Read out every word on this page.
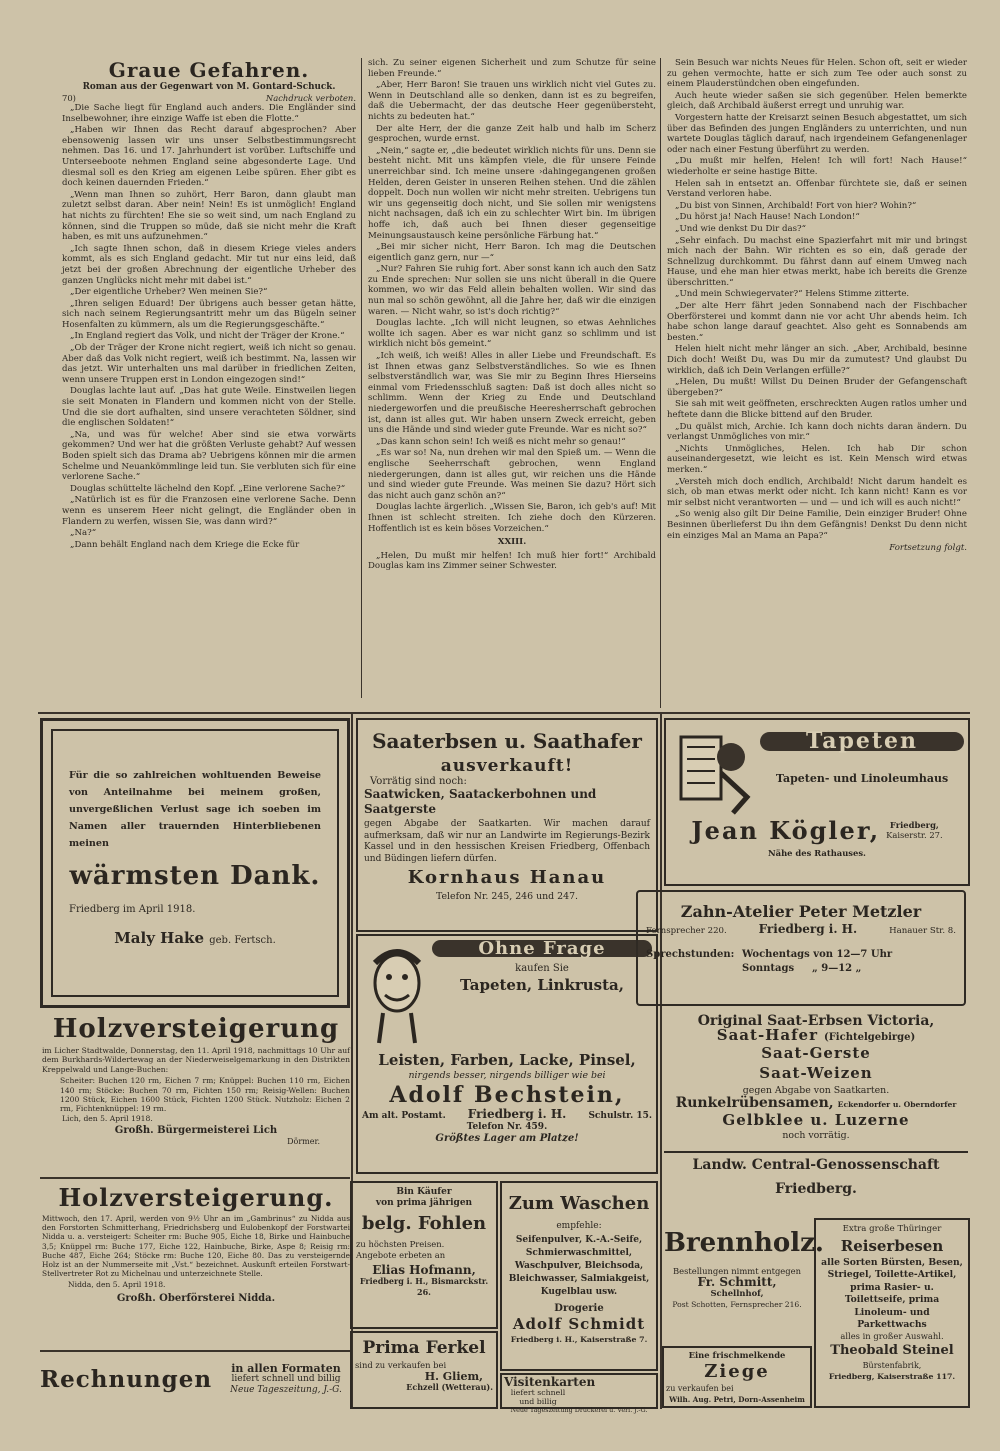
Graue Gefahren.
Roman aus der Gegenwart von M. Gontard-Schuck.
70)	Nachdruck verboten.

„Die Sache liegt für England auch anders. Die Engländer sind Inselbewohner, ihre einzige Waffe ist eben die Flotte.“

„Haben wir Ihnen das Recht darauf abgesprochen? Aber ebensowenig lassen wir uns unser Selbstbestimmungsrecht nehmen. Das 16. und 17. Jahrhundert ist vorüber. Luftschiffe und Unterseeboote nehmen England seine abgesonderte Lage. Und diesmal soll es den Krieg am eigenen Leibe spüren. Eher gibt es doch keinen dauernden Frieden.“

„Wenn man Ihnen so zuhört, Herr Baron, dann glaubt man zuletzt selbst daran. Aber nein! Nein! Es ist unmöglich! England hat nichts zu fürchten! Ehe sie so weit sind, um nach England zu können, sind die Truppen so müde, daß sie nicht mehr die Kraft haben, es mit uns aufzunehmen.“

„Ich sagte Ihnen schon, daß in diesem Kriege vieles anders kommt, als es sich England gedacht. Mir tut nur eins leid, daß jetzt bei der großen Abrechnung der eigentliche Urheber des ganzen Unglücks nicht mehr mit dabei ist.“

„Der eigentliche Urheber? Wen meinen Sie?“

„Ihren seligen Eduard! Der übrigens auch besser getan hätte, sich nach seinem Regierungsantritt mehr um das Bügeln seiner Hosenfalten zu kümmern, als um die Regierungsgeschäfte.“

„In England regiert das Volk, und nicht der Träger der Krone.“

„Ob der Träger der Krone nicht regiert, weiß ich nicht so genau. Aber daß das Volk nicht regiert, weiß ich bestimmt. Na, lassen wir das jetzt. Wir unterhalten uns mal darüber in friedlichen Zeiten, wenn unsere Truppen erst in London eingezogen sind!“

Douglas lachte laut auf. „Das hat gute Weile. Einstweilen liegen sie seit Monaten in Flandern und kommen nicht von der Stelle. Und die sie dort aufhalten, sind unsere verachteten Söldner, sind die englischen Soldaten!“

„Na, und was für welche! Aber sind sie etwa vorwärts gekommen? Und wer hat die größten Verluste gehabt? Auf wessen Boden spielt sich das Drama ab? Uebrigens können mir die armen Schelme und Neuankömmlinge leid tun. Sie verbluten sich für eine verlorene Sache.“

Douglas schüttelte lächelnd den Kopf. „Eine verlorene Sache?“

„Natürlich ist es für die Franzosen eine verlorene Sache. Denn wenn es unserem Heer nicht gelingt, die Engländer oben in Flandern zu werfen, wissen Sie, was dann wird?“

„Na?“

„Dann behält England nach dem Kriege die Ecke für

sich. Zu seiner eigenen Sicherheit und zum Schutze für seine lieben Freunde.“

„Aber, Herr Baron! Sie trauen uns wirklich nicht viel Gutes zu. Wenn in Deutschland alle so denken, dann ist es zu begreifen, daß die Uebermacht, der das deutsche Heer gegenübersteht, nichts zu bedeuten hat.“

Der alte Herr, der die ganze Zeit halb und halb im Scherz gesprochen, wurde ernst.

„Nein,“ sagte er, „die bedeutet wirklich nichts für uns. Denn sie besteht nicht. Mit uns kämpfen viele, die für unsere Feinde unerreichbar sind. Ich meine unsere ›dahingegangenen großen Helden, deren Geister in unseren Reihen stehen. Und die zählen doppelt. Doch nun wollen wir nicht mehr streiten. Uebrigens tun wir uns gegenseitig doch nicht, und Sie sollen mir wenigstens nicht nachsagen, daß ich ein zu schlechter Wirt bin. Im übrigen hoffe ich, daß auch bei Ihnen dieser gegenseitige Meinungsaustausch keine persönliche Färbung hat.“

„Bei mir sicher nicht, Herr Baron. Ich mag die Deutschen eigentlich ganz gern, nur —“

„Nur? Fahren Sie ruhig fort. Aber sonst kann ich auch den Satz zu Ende sprechen: Nur sollen sie uns nicht überall in die Quere kommen, wo wir das Feld allein behalten wollen. Wir sind das nun mal so schön gewöhnt, all die Jahre her, daß wir die einzigen waren. — Nicht wahr, so ist's doch richtig?“

Douglas lachte. „Ich will nicht leugnen, so etwas Aehnliches wollte ich sagen. Aber es war nicht ganz so schlimm und ist wirklich nicht bös gemeint.“

„Ich weiß, ich weiß! Alles in aller Liebe und Freundschaft. Es ist Ihnen etwas ganz Selbstverständliches. So wie es Ihnen selbstverständlich war, was Sie mir zu Beginn Ihres Hierseins einmal vom Friedensschluß sagten: Daß ist doch alles nicht so schlimm. Wenn der Krieg zu Ende und Deutschland niedergeworfen und die preußische Heeresherrschaft gebrochen ist, dann ist alles gut. Wir haben unsern Zweck erreicht, geben uns die Hände und sind wieder gute Freunde. War es nicht so?“

„Das kann schon sein! Ich weiß es nicht mehr so genau!“

„Es war so! Na, nun drehen wir mal den Spieß um. — Wenn die englische Seeherrschaft gebrochen, wenn England niedergerungen, dann ist alles gut, wir reichen uns die Hände und sind wieder gute Freunde. Was meinen Sie dazu? Hört sich das nicht auch ganz schön an?“

Douglas lachte ärgerlich. „Wissen Sie, Baron, ich geb's auf! Mit Ihnen ist schlecht streiten. Ich ziehe doch den Kürzeren. Hoffentlich ist es kein böses Vorzeichen.“

XXIII.

„Helen, Du mußt mir helfen! Ich muß hier fort!“ Archibald Douglas kam ins Zimmer seiner Schwester.

Sein Besuch war nichts Neues für Helen. Schon oft, seit er wieder zu gehen vermochte, hatte er sich zum Tee oder auch sonst zu einem Plauderstündchen oben eingefunden.

Auch heute wieder saßen sie sich gegenüber. Helen bemerkte gleich, daß Archibald äußerst erregt und unruhig war.

Vorgestern hatte der Kreisarzt seinen Besuch abgestattet, um sich über das Befinden des jungen Engländers zu unterrichten, und nun wartete Douglas täglich darauf, nach irgendeinem Gefangenenlager oder nach einer Festung überführt zu werden.

„Du mußt mir helfen, Helen! Ich will fort! Nach Hause!“ wiederholte er seine hastige Bitte.

Helen sah in entsetzt an. Offenbar fürchtete sie, daß er seinen Verstand verloren habe.

„Du bist von Sinnen, Archibald! Fort von hier? Wohin?“

„Du hörst ja! Nach Hause! Nach London!“

„Und wie denkst Du Dir das?“

„Sehr einfach. Du machst eine Spazierfahrt mit mir und bringst mich nach der Bahn. Wir richten es so ein, daß gerade der Schnellzug durchkommt. Du fährst dann auf einem Umweg nach Hause, und ehe man hier etwas merkt, habe ich bereits die Grenze überschritten.“

„Und mein Schwiegervater?“ Helens Stimme zitterte.

„Der alte Herr fährt jeden Sonnabend nach der Fischbacher Oberförsterei und kommt dann nie vor acht Uhr abends heim. Ich habe schon lange darauf geachtet. Also geht es Sonnabends am besten.“

Helen hielt nicht mehr länger an sich. „Aber, Archibald, besinne Dich doch! Weißt Du, was Du mir da zumutest? Und glaubst Du wirklich, daß ich Dein Verlangen erfülle?“

„Helen, Du mußt! Willst Du Deinen Bruder der Gefangenschaft übergeben?“

Sie sah mit weit geöffneten, erschreckten Augen ratlos umher und heftete dann die Blicke bittend auf den Bruder.

„Du quälst mich, Archie. Ich kann doch nichts daran ändern. Du verlangst Unmögliches von mir.“

„Nichts Unmögliches, Helen. Ich hab Dir schon auseinandergesetzt, wie leicht es ist. Kein Mensch wird etwas merken.“

„Versteh mich doch endlich, Archibald! Nicht darum handelt es sich, ob man etwas merkt oder nicht. Ich kann nicht! Kann es vor mir selbst nicht verantworten — und — und ich will es auch nicht!“

„So wenig also gilt Dir Deine Familie, Dein einziger Bruder! Ohne Besinnen überlieferst Du ihn dem Gefängnis! Denkst Du denn nicht ein einziges Mal an Mama an Papa?“

Fortsetzung folgt.
Für die so zahlreichen wohltuenden Beweise von Anteilnahme bei meinem großen, unvergeßlichen Verlust sage ich soeben im Namen aller trauernden Hinterbliebenen meinen
wärmsten Dank.
Friedberg im April 1918.
Maly Hake geb. Fertsch.
Holzversteigerung
im Licher Stadtwalde, Donnerstag, den 11. April 1918, nachmittags 10 Uhr auf dem Burkhards-Wildertewag an der Niederweiselgemarkung in den Distrikten Kreppelwald und Lange-Buchen:
Scheiter: Buchen 120 rm, Eichen 7 rm; Knüppel: Buchen 110 rm, Eichen 140 rm; Stöcke: Buchen 70 rm, Fichten 150 rm; Reisig-Wellen: Buchen 1200 Stück, Eichen 1600 Stück, Fichten 1200 Stück. Nutzholz: Eichen 2 rm, Fichtenknüppel: 19 rm.
Lich, den 5. April 1918.
Großh. Bürgermeisterei Lich
Dörmer.
Holzversteigerung.
Mittwoch, den 17. April, werden von 9½ Uhr an im „Gambrinus“ zu Nidda aus den Forstorten Schmitterhang, Friedrichsberg und Eulobenkopf der Forstwartei Nidda u. a. versteigert: Scheiter rm: Buche 905, Eiche 18, Birke und Hainbuche 3,5; Knüppel rm: Buche 177, Eiche 122, Hainbuche, Birke, Aspe 8; Reisig rm: Buche 487, Eiche 264; Stöcke rm: Buche 120, Eiche 80. Das zu versteigernde Holz ist an der Nummerseite mit „Vst.“ bezeichnet. Auskunft erteilen Forstwart-Stellvertreter Rot zu Michelnau und unterzeichnete Stelle.
Nidda, den 5. April 1918.
Großh. Oberförsterei Nidda.
Rechnungen	in allen Formaten
liefert schnell und billig
Neue Tageszeitung, J.-G.
Saaterbsen u. Saathafer
ausverkauft!
Vorrätig sind noch:
Saatwicken, Saatackerbohnen und Saatgerste
gegen Abgabe der Saatkarten. Wir machen darauf aufmerksam, daß wir nur an Landwirte im Regierungs-Bezirk Kassel und in den hessischen Kreisen Friedberg, Offenbach und Büdingen liefern dürfen.
Kornhaus Hanau
Telefon Nr. 245, 246 und 247.
Ohne Frage
kaufen Sie
Tapeten, Linkrusta,
Leisten, Farben, Lacke, Pinsel,
nirgends besser, nirgends billiger wie bei
Adolf Bechstein,
Am alt. Postamt. Friedberg i. H. Schulstr. 15.
Telefon Nr. 459.
Größtes Lager am Platze!
Bin Käufer
von prima jährigen
belg. Fohlen
zu höchsten Preisen.
Angebote erbeten an
Elias Hofmann,
Friedberg i. H., Bismarckstr. 26.
Prima Ferkel
sind zu verkaufen bei
H. Gliem,
Echzell (Wetterau).
Zum Waschen
empfehle:
Seifenpulver, K.-A.-Seife, Schmierwaschmittel, Waschpulver, Bleichsoda, Bleichwasser, Salmiakgeist, Kugelblau usw.
Drogerie
Adolf Schmidt
Friedberg i. H., Kaiserstraße 7.
Visitenkarten
liefert schnell und billig
Neue Tageszeitung Druckerei u. Verl. J.-G.
Tapeten
Tapeten- und Linoleumhaus
Jean Kögler,	Friedberg,
Kaiserstr. 27.
Nähe des Rathauses.
Zahn-Atelier Peter Metzler
Fernsprecher 220.	Friedberg i. H.	Hanauer Str. 8.
Sprechstunden: Wochentags von 12—7 Uhr
Sonntags	„ 9—12 „
Original Saat-Erbsen Victoria,
Saat-Hafer (Fichtelgebirge)
Saat-Gerste
Saat-Weizen
gegen Abgabe von Saatkarten.
Runkelrübensamen, Eckendorfer u. Oberndorfer
Gelbklee u. Luzerne
noch vorrätig.
Landw. Central-Genossenschaft Friedberg.
Brennholz.
Bestellungen nimmt entgegen
Fr. Schmitt,
Schellnhof,
Post Schotten, Fernsprecher 216.
Eine frischmelkende
Ziege
zu verkaufen bei
Wilh. Aug. Petri, Dorn-Assenheim
Extra große Thüringer
Reiserbesen
alle Sorten Bürsten, Besen, Striegel, Toilette-Artikel, prima Rasier- u. Toilettseife, prima Linoleum- und Parkettwachs
alles in großer Auswahl.
Theobald Steinel
Bürstenfabrik,
Friedberg, Kaiserstraße 117.
